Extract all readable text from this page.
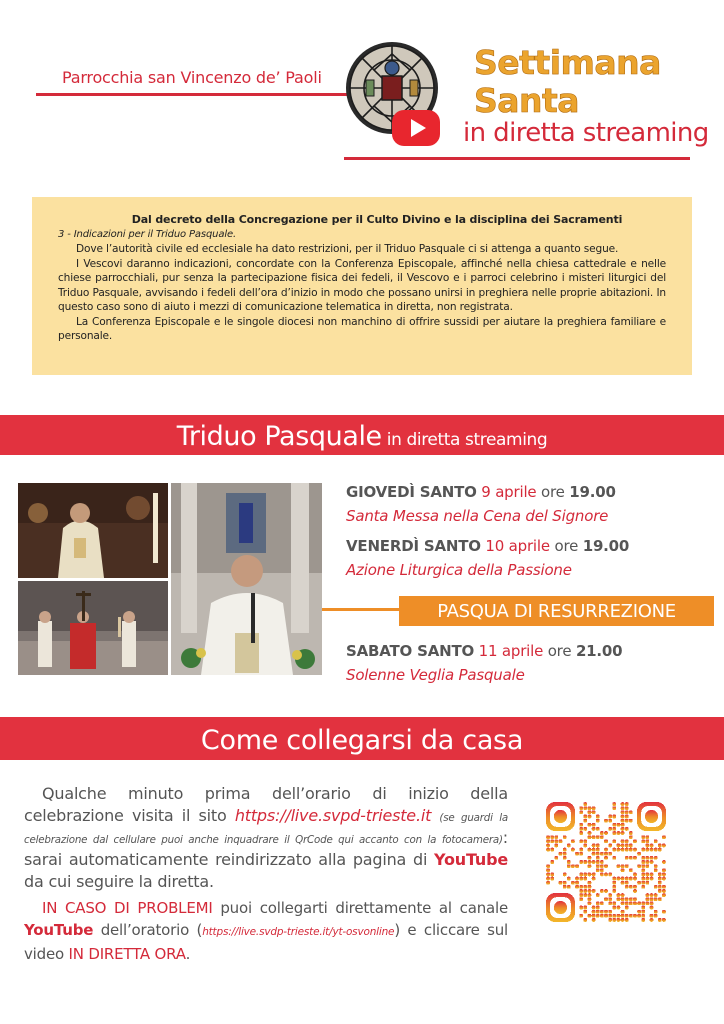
Parrocchia san Vincenzo de’ Paoli	Settimana
Santa
in diretta streaming
Dal decreto della Concregazione per il Culto Divino e la disciplina dei Sacramenti
3 - Indicazioni per il Triduo Pasquale.

Dove l’autorità civile ed ecclesiale ha dato restrizioni, per il Triduo Pasquale ci si attenga a quanto segue.

I Vescovi daranno indicazioni, concordate con la Conferenza Episcopale, affinché nella chiesa cattedrale e nelle chiese parrocchiali, pur senza la partecipazione fisica dei fedeli, il Vescovo e i parroci celebrino i misteri liturgici del Triduo Pasquale, avvisando i fedeli dell’ora d’inizio in modo che possano unirsi in preghiera nelle proprie abitazioni. In questo caso sono di aiuto i mezzi di comunicazione telematica in diretta, non registrata.

La Conferenza Episcopale e le singole diocesi non manchino di offrire sussidi per aiutare la preghiera familiare e personale.

Triduo Pasquale in diretta streaming
GIOVEDÌ SANTO 9 aprile ore 19.00
Santa Messa nella Cena del Signore
VENERDÌ SANTO 10 aprile ore 19.00
Azione Liturgica della Passione
PASQUA DI RESURREZIONE
SABATO SANTO 11 aprile ore 21.00
Solenne Veglia Pasquale
Come collegarsi da casa

Qualche minuto prima dell’orario di inizio della celebrazione visita il sito https://live.svpd-trieste.it (se guardi la celebrazione dal cellulare puoi anche inquadrare il QrCode qui accanto con la fotocamera): sarai automaticamente reindirizzato alla pagina di YouTube da cui seguire la diretta.

IN CASO DI PROBLEMI puoi collegarti direttamente al canale YouTube dell’oratorio (https://live.svdp-trieste.it/yt-osvonline) e cliccare sul video IN DIRETTA ORA.
